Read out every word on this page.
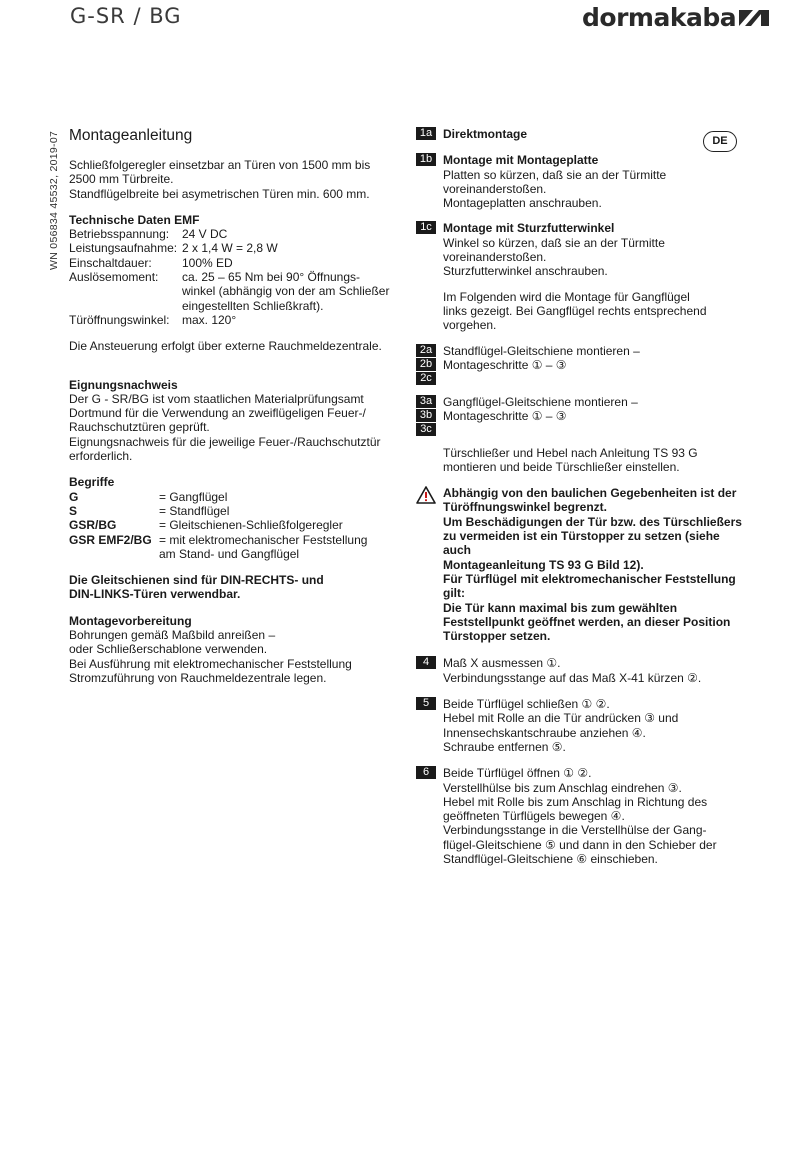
G-SR / BG	dormakaba
WN 056834 45532, 2019-07	DE
Montageanleitung
Schließfolgeregler einsetzbar an Türen von 1500 mm bis
2500 mm Türbreite.
Standflügelbreite bei asymetrischen Türen min. 600 mm.
Technische Daten EMF
Betriebsspannung:	24 V DC
Leistungsaufnahme: 2 x 1,4 W = 2,8 W
Einschaltdauer:	100% ED
Auslösemoment:	ca. 25 – 65 Nm bei 90° Öffnungs-
winkel (abhängig von der am Schließer
eingestellten Schließkraft).
Türöffnungswinkel:	max. 120°
Die Ansteuerung erfolgt über externe Rauchmeldezentrale.
Eignungsnachweis
Der G - SR/BG ist vom staatlichen Materialprüfungsamt
Dortmund für die Verwendung an zweiflügeligen Feuer-/
Rauchschutztüren geprüft.
Eignungsnachweis für die jeweilige Feuer-/Rauchschutztür
erforderlich.
Begriffe
G	= Gangflügel
S	= Standflügel
GSR/BG	= Gleitschienen-Schließfolgeregler
GSR EMF2/BG = mit elektromechanischer Feststellung
am Stand- und Gangflügel
Die Gleitschienen sind für DIN-RECHTS- und
DIN-LINKS-Türen verwendbar.
Montagevorbereitung
Bohrungen gemäß Maßbild anreißen –
oder Schließerschablone verwenden.
Bei Ausführung mit elektromechanischer Feststellung
Stromzuführung von Rauchmeldezentrale legen.
1a Direktmontage
1b Montage mit Montageplatte
Platten so kürzen, daß sie an der Türmitte
voreinanderstoßen.
Montageplatten anschrauben.
1c Montage mit Sturzfutterwinkel
Winkel so kürzen, daß sie an der Türmitte
voreinanderstoßen.
Sturzfutterwinkel anschrauben.
Im Folgenden wird die Montage für Gangflügel
links gezeigt. Bei Gangflügel rechts entsprechend
vorgehen.
2a
2b
2c
Standflügel-Gleitschiene montieren –
Montageschritte ① – ③
3a
3b
3c
Gangflügel-Gleitschiene montieren –
Montageschritte ① – ③
Türschließer und Hebel nach Anleitung TS 93 G
montieren und beide Türschließer einstellen.
Abhängig von den baulichen Gegebenheiten ist der
Türöffnungswinkel begrenzt.
Um Beschädigungen der Tür bzw. des Türschließers
zu vermeiden ist ein Türstopper zu setzen (siehe auch
Montageanleitung TS 93 G Bild 12).
Für Türflügel mit elektromechanischer Feststellung gilt:
Die Tür kann maximal bis zum gewählten
Feststellpunkt geöffnet werden, an dieser Position
Türstopper setzen.
4	Maß X ausmessen ①.
Verbindungsstange auf das Maß X-41 kürzen ②.
5	Beide Türflügel schließen ① ②.
Hebel mit Rolle an die Tür andrücken ③ und
Innensechskantschraube anziehen ④.
Schraube entfernen ⑤.
6	Beide Türflügel öffnen ① ②.
Verstellhülse bis zum Anschlag eindrehen ③.
Hebel mit Rolle bis zum Anschlag in Richtung des
geöffneten Türflügels bewegen ④.
Verbindungsstange in die Verstellhülse der Gang-
flügel-Gleitschiene ⑤ und dann in den Schieber der
Standflügel-Gleitschiene ⑥ einschieben.
